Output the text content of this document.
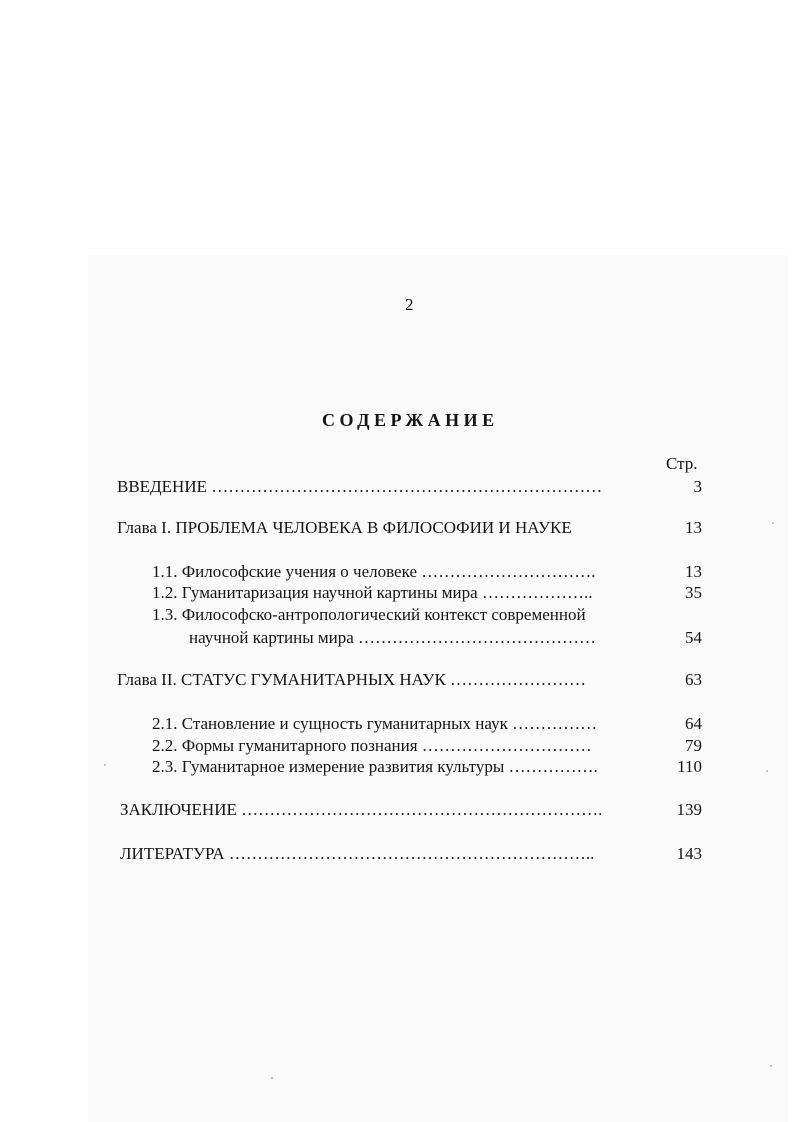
2
СОДЕРЖАНИЕ
Стр.
ВВЕДЕНИЕ ……………………………………………………………	3
Глава I. ПРОБЛЕМА ЧЕЛОВЕКА В ФИЛОСОФИИ И НАУКЕ	13
1.1. Философские учения о человеке ………………………….	13
1.2. Гуманитаризация научной картины мира ………………..	35
1.3. Философско-антропологический контекст современной
научной картины мира ……………………………………	54
Глава II. СТАТУС ГУМАНИТАРНЫХ НАУК ……………………	63
2.1. Становление и сущность гуманитарных наук ……………	64
2.2. Формы гуманитарного познания …………………………	79
2.3. Гуманитарное измерение развития культуры …………….	110
ЗАКЛЮЧЕНИЕ ……………………………………………………….	139
ЛИТЕРАТУРА ………………………………………………………..	143
